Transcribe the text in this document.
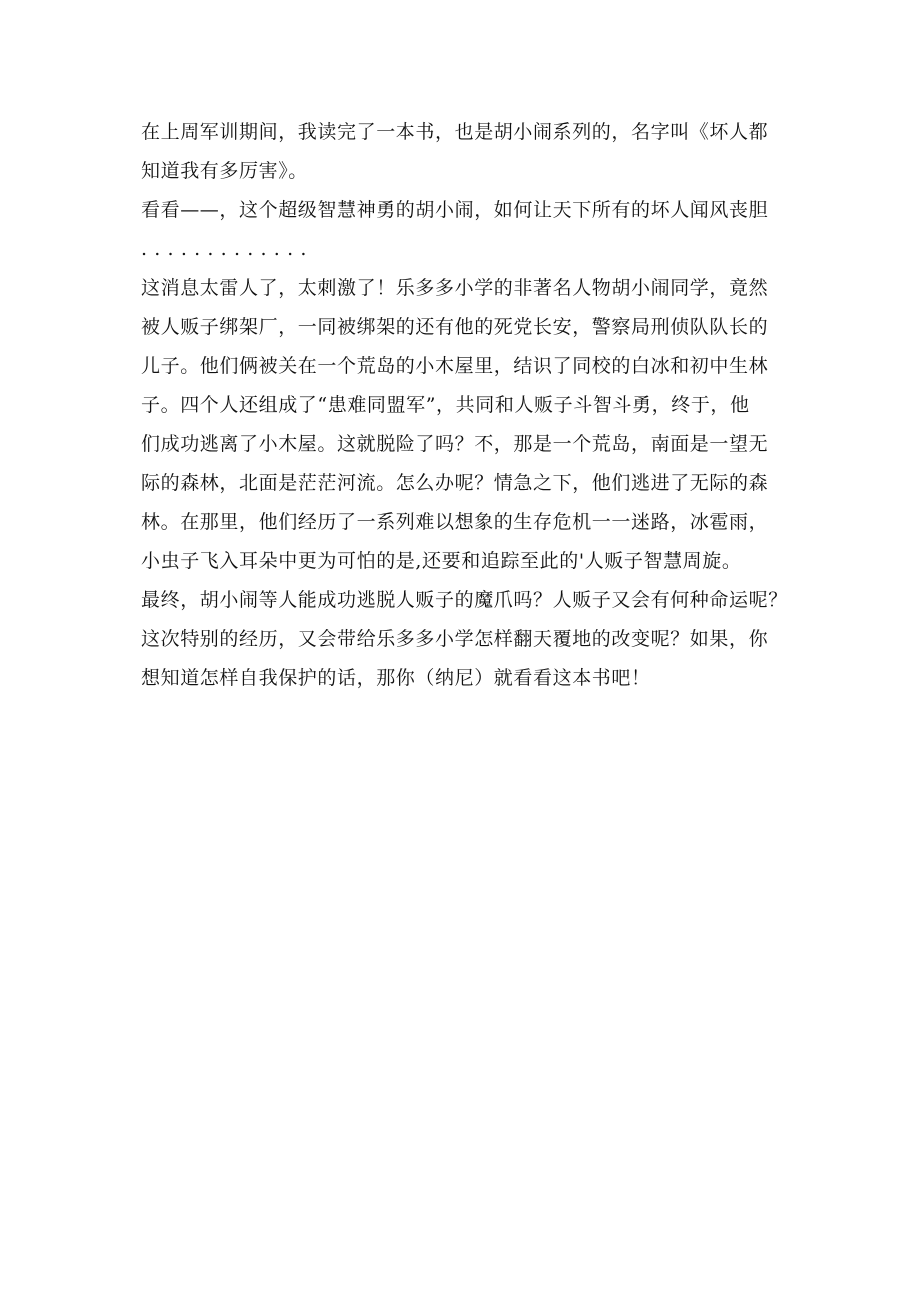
在上周军训期间，我读完了一本书，也是胡小闹系列的，名字叫《坏人都
知道我有多厉害》。
看看——，这个超级智慧神勇的胡小闹，如何让天下所有的坏人闻风丧胆
. . . . . . . . . . . . .
这消息太雷人了，太刺激了！乐多多小学的非著名人物胡小闹同学，竟然
被人贩子绑架厂，一同被绑架的还有他的死党长安，警察局刑侦队队长的
儿子。他们俩被关在一个荒岛的小木屋里，结识了同校的白冰和初中生林
子。四个人还组成了“患难同盟军”，共同和人贩子斗智斗勇，终于，他
们成功逃离了小木屋。这就脱险了吗？不，那是一个荒岛，南面是一望无
际的森林，北面是茫茫河流。怎么办呢？情急之下，他们逃进了无际的森
林。在那里，他们经历了一系列难以想象的生存危机一一迷路，冰雹雨，
小虫子飞入耳朵中更为可怕的是,还要和追踪至此的'人贩子智慧周旋。
最终，胡小闹等人能成功逃脱人贩子的魔爪吗？人贩子又会有何种命运呢？
这次特别的经历，又会带给乐多多小学怎样翻天覆地的改变呢？如果，你
想知道怎样自我保护的话，那你（纳尼）就看看这本书吧！
